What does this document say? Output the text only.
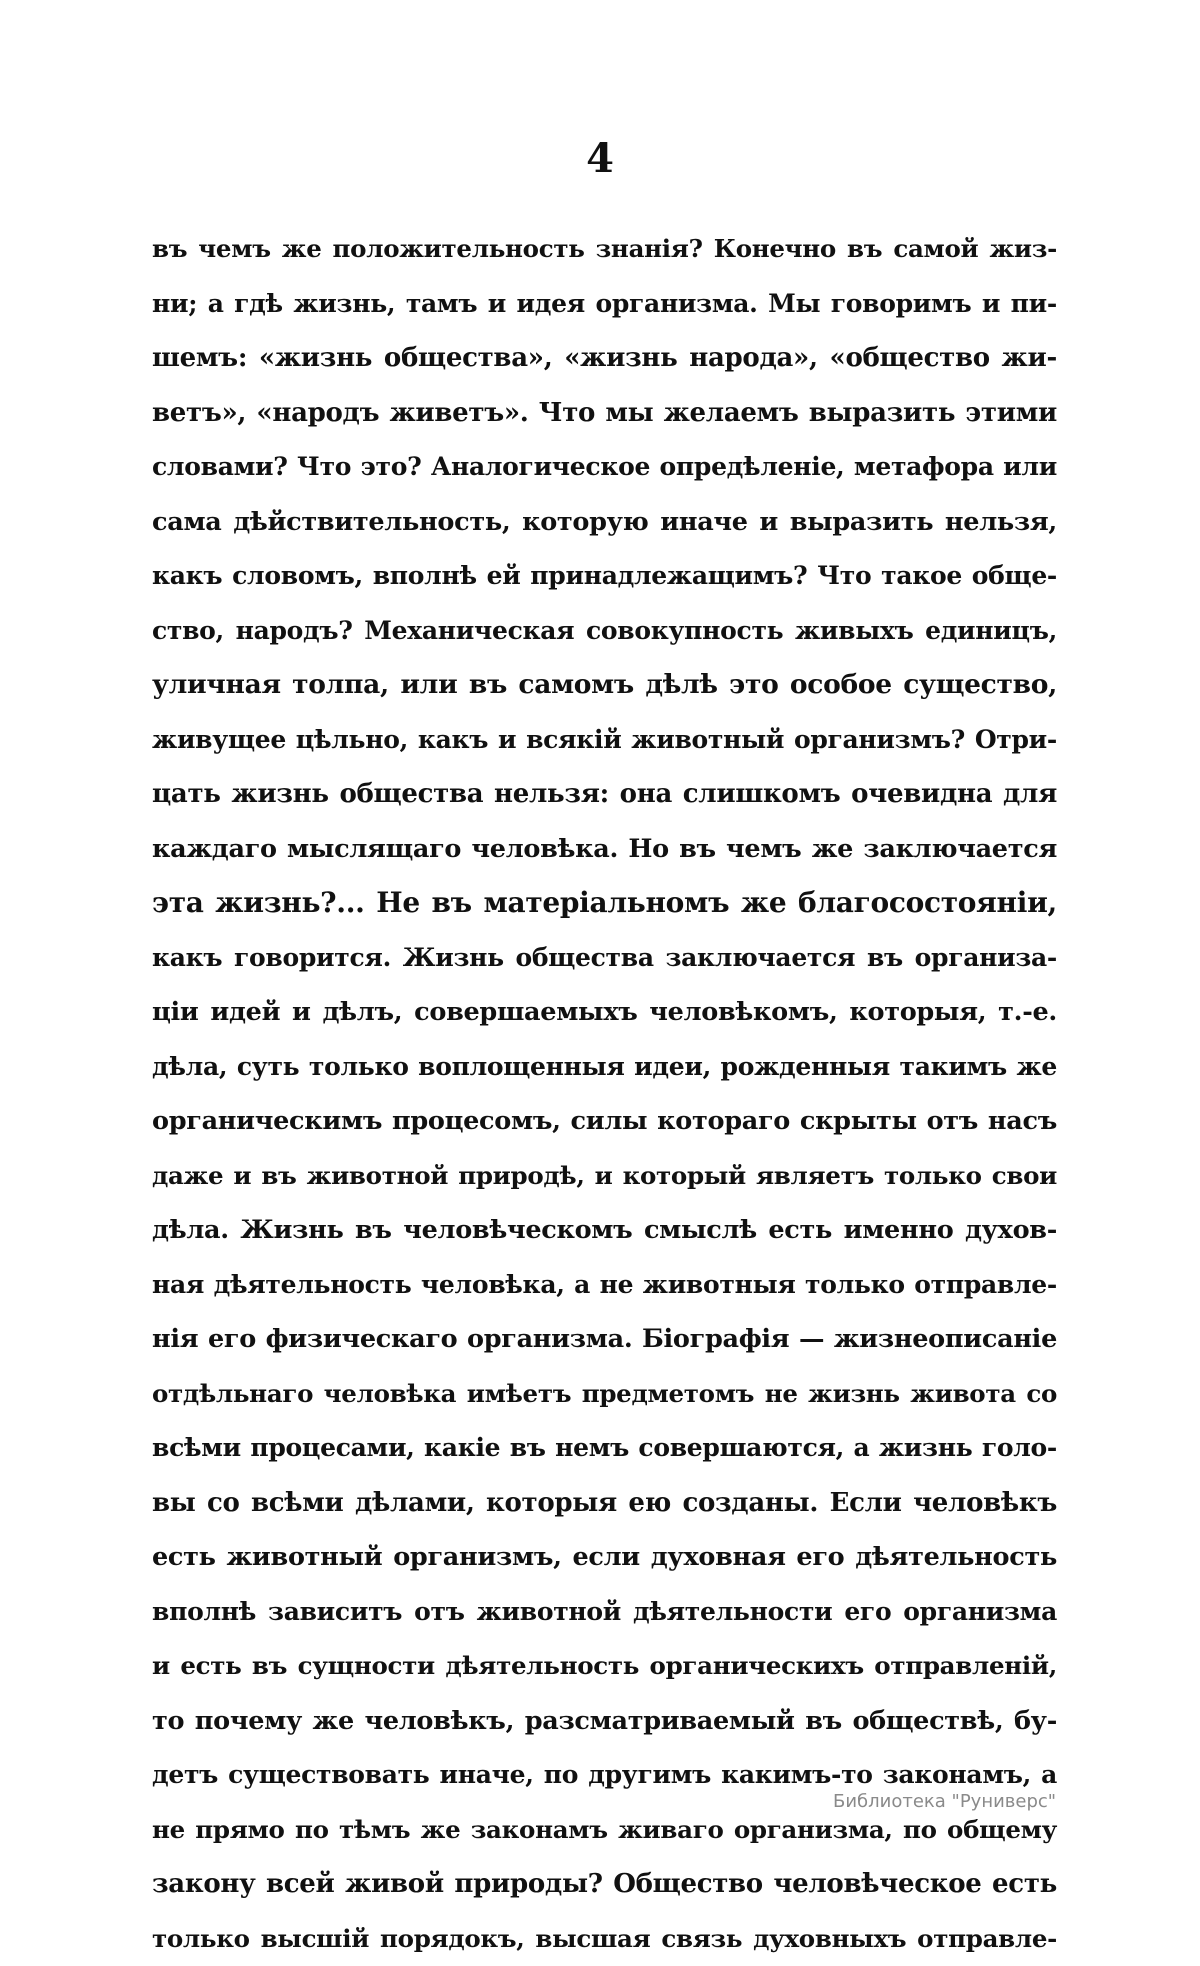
4
въ чемъ же положительность знанія? Конечно въ самой жиз-
ни; а гдѣ жизнь, тамъ и идея организма. Мы говоримъ и пи-
шемъ: «жизнь общества», «жизнь народа», «общество жи-
ветъ», «народъ живетъ». Что мы желаемъ выразить этими
словами? Что это? Аналогическое опредѣленіе, метафора или
сама дѣйствительность, которую иначе и выразить нельзя,
какъ словомъ, вполнѣ ей принадлежащимъ? Что такое обще-
ство, народъ? Механическая совокупность живыхъ единицъ,
уличная толпа, или въ самомъ дѣлѣ это особое существо,
живущее цѣльно, какъ и всякій животный организмъ? Отри-
цать жизнь общества нельзя: она слишкомъ очевидна для
каждаго мыслящаго человѣка. Но въ чемъ же заключается
эта жизнь?... Не въ матеріальномъ же благосостояніи,
какъ говорится. Жизнь общества заключается въ организа-
ціи идей и дѣлъ, совершаемыхъ человѣкомъ, которыя, т.-е.
дѣла, суть только воплощенныя идеи, рожденныя такимъ же
органическимъ процесомъ, силы котораго скрыты отъ насъ
даже и въ животной природѣ, и который являетъ только свои
дѣла. Жизнь въ человѣческомъ смыслѣ есть именно духов-
ная дѣятельность человѣка, а не животныя только отправле-
нія его физическаго организма. Біографія — жизнеописаніе
отдѣльнаго человѣка имѣетъ предметомъ не жизнь живота со
всѣми процесами, какіе въ немъ совершаются, а жизнь голо-
вы со всѣми дѣлами, которыя ею созданы. Если человѣкъ
есть животный организмъ, если духовная его дѣятельность
вполнѣ зависитъ отъ животной дѣятельности его организма
и есть въ сущности дѣятельность органическихъ отправленій,
то почему же человѣкъ, разсматриваемый въ обществѣ, бу-
детъ существовать иначе, по другимъ какимъ-то законамъ, а
не прямо по тѣмъ же законамъ живаго организма, по общему
закону всей живой природы? Общество человѣческое есть
только высшій порядокъ, высшая связь духовныхъ отправле-
Библиотека "Руниверс"
